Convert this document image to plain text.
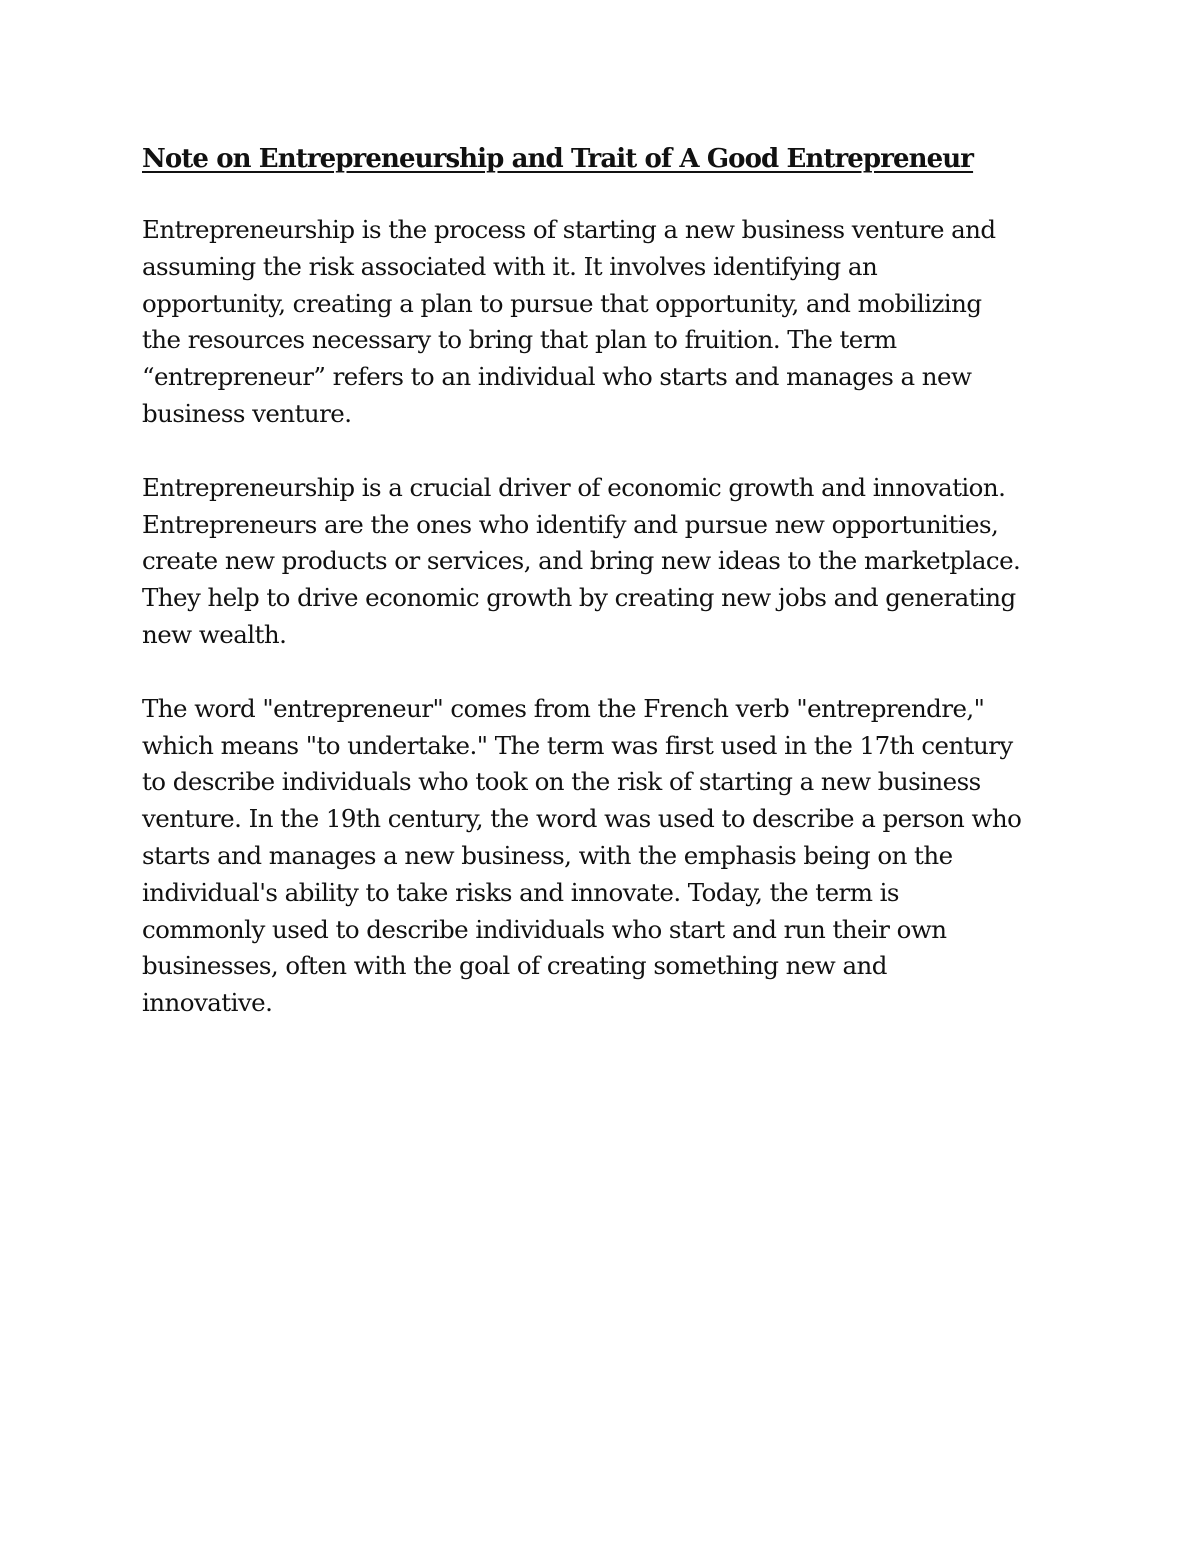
Note on Entrepreneurship and Trait of A Good Entrepreneur

Entrepreneurship is the process of starting a new business venture and
assuming the risk associated with it. It involves identifying an
opportunity, creating a plan to pursue that opportunity, and mobilizing
the resources necessary to bring that plan to fruition. The term
“entrepreneur” refers to an individual who starts and manages a new
business venture.

Entrepreneurship is a crucial driver of economic growth and innovation.
Entrepreneurs are the ones who identify and pursue new opportunities,
create new products or services, and bring new ideas to the marketplace.
They help to drive economic growth by creating new jobs and generating
new wealth.

The word "entrepreneur" comes from the French verb "entreprendre,"
which means "to undertake." The term was first used in the 17th century
to describe individuals who took on the risk of starting a new business
venture. In the 19th century, the word was used to describe a person who
starts and manages a new business, with the emphasis being on the
individual's ability to take risks and innovate. Today, the term is
commonly used to describe individuals who start and run their own
businesses, often with the goal of creating something new and
innovative.
